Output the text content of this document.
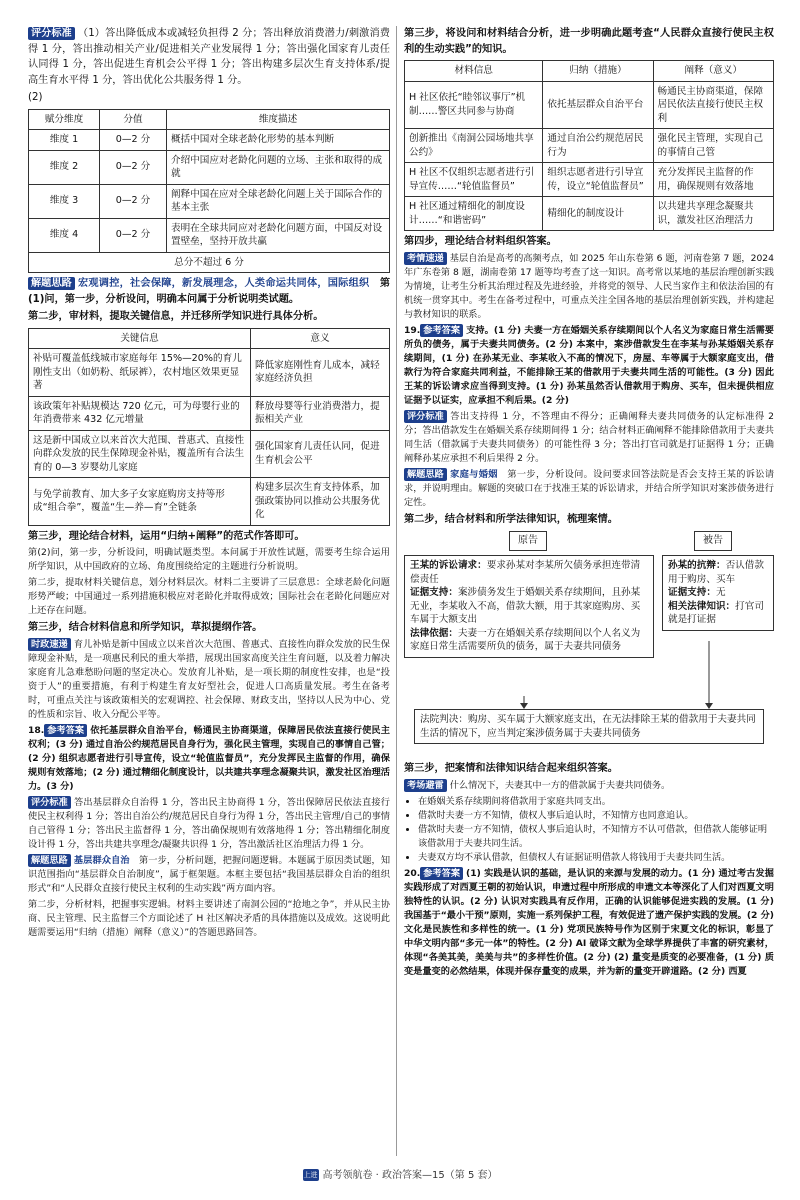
评分标准 （1）答出降低成本或减轻负担得 2 分；答出释放消费潜力/刺激消费得 1 分，答出推动相关产业/促进相关产业发展得 1 分；答出强化国家育儿责任认同得 1 分，答出促进生育机会公平得 1 分；答出构建多层次生育支持体系/提高生育水平得 1 分，答出优化公共服务得 1 分。

(2)

赋分维度	分值	维度描述
维度 1	0—2 分	概括中国对全球老龄化形势的基本判断
维度 2	0—2 分	介绍中国应对老龄化问题的立场、主张和取得的成就
维度 3	0—2 分	阐释中国在应对全球老龄化问题上关于国际合作的基本主张
维度 4	0—2 分	表明在全球共同应对老龄化问题方面，中国反对设置壁垒，坚持开放共赢
总分不超过 6 分		

解题思路 宏观调控，社会保障，新发展理念，人类命运共同体，国际组织　 第(1)问，第一步，分析设问，明确本问属于分析说明类试题。

第二步，审材料，提取关键信息，并迁移所学知识进行具体分析。

关键信息	意义
补贴可覆盖低线城市家庭每年 15%—20%的育儿刚性支出（如奶粉、纸尿裤），农村地区效果更显著	降低家庭刚性育儿成本，减轻家庭经济负担
该政策年补贴规模达 720 亿元，可为母婴行业的年消费带来 432 亿元增量	释放母婴等行业消费潜力，提振相关产业
这是新中国成立以来首次大范围、普惠式、直接性向群众发放的民生保障现金补贴，覆盖所有合法生育的 0—3 岁婴幼儿家庭	强化国家育儿责任认同，促进生育机会公平
与免学前教育、加大多子女家庭购房支持等形成“组合拳”，覆盖“生—养—育”全链条	构建多层次生育支持体系，加强政策协同以推动公共服务优化

第三步，理论结合材料，运用“归纳+阐释”的范式作答即可。

第(2)问，第一步，分析设问，明确试题类型。本问属于开放性试题，需要考生综合运用所学知识，从中国政府的立场、角度围绕给定的主题进行分析说明。

第二步，提取材料关键信息，划分材料层次。材料二主要讲了三层意思：全球老龄化问题形势严峻；中国通过一系列措施积极应对老龄化并取得成效；国际社会在老龄化问题应对上还存在问题。

第三步，结合材料信息和所学知识，草拟提纲作答。

时政速递 育儿补贴是新中国成立以来首次大范围、普惠式、直接性向群众发放的民生保障现金补贴，是一项惠民利民的重大举措，展现出国家高度关注生育问题，以及着力解决家庭育儿急难愁盼问题的坚定决心。发放育儿补贴，是一项长期的制度性安排，也是“投资于人”的重要措施，有利于构建生育友好型社会，促进人口高质量发展。考生在备考时，可重点关注与该政策相关的宏观调控、社会保障、财政支出，坚持以人民为中心、党的性质和宗旨、收入分配公平等。

18. 参考答案 依托基层群众自治平台，畅通民主协商渠道，保障居民依法直接行使民主权利；(3 分) 通过自治公约规范居民自身行为，强化民主管理，实现自己的事情自己管；(2 分) 组织志愿者进行引导宣传，设立“轮值监督员”，充分发挥民主监督的作用，确保规则有效落地；(2 分) 通过精细化制度设计，以共建共享理念凝聚共识，激发社区治理活力。(3 分)

评分标准 答出基层群众自治得 1 分，答出民主协商得 1 分，答出保障居民依法直接行使民主权利得 1 分；答出自治公约/规范居民自身行为得 1 分，答出民主管理/自己的事情自己管得 1 分；答出民主监督得 1 分，答出确保规则有效落地得 1 分；答出精细化制度设计得 1 分，答出共建共享理念/凝聚共识得 1 分，答出激活社区治理活力得 1 分。

解题思路 基层群众自治　 第一步，分析问题，把握问题逻辑。本题属于原因类试题，知识范围指向“基层群众自治制度”，属于框架题。本框主要包括“我国基层群众自治的组织形式”和“人民群众直接行使民主权利的生动实践”两方面内容。

第二步，分析材料，把握事实逻辑。材料主要讲述了南洞公园的“抢地之争”，并从民主协商、民主管理、民主监督三个方面论述了 H 社区解决矛盾的具体措施以及成效。这说明此题需要运用“归纳（措施）阐释（意义）”的答题思路回答。

第三步，将设问和材料结合分析，进一步明确此题考查“人民群众直接行使民主权利的生动实践”的知识。

材料信息	归纳（措施）	阐释（意义）
H 社区依托“睦邻议事厅”机制……警区共同参与协商	依托基层群众自治平台	畅通民主协商渠道，保障居民依法直接行使民主权利
创新推出《南洞公园场地共享公约》	通过自治公约规范居民行为	强化民主管理，实现自己的事情自己管
H 社区不仅组织志愿者进行引导宣传……“轮值监督员”	组织志愿者进行引导宣传，设立“轮值监督员”	充分发挥民主监督的作用，确保规则有效落地
H 社区通过精细化的制度设计……“和谐密码”	精细化的制度设计	以共建共享理念凝聚共识，激发社区治理活力

第四步，理论结合材料组织答案。

考情速递 基层自治是高考的高频考点，如 2025 年山东卷第 6 题，河南卷第 7 题，2024 年广东卷第 8 题，湖南卷第 17 题等均考查了这一知识。高考常以某地的基层治理创新实践为情境，让考生分析其治理过程及先进经验，并将党的领导、人民当家作主和依法治国的有机统一贯穿其中。考生在备考过程中，可重点关注全国各地的基层治理创新实践，并构建起与教材知识的联系。

19. 参考答案 支持。(1 分) 夫妻一方在婚姻关系存续期间以个人名义为家庭日常生活需要所负的债务，属于夫妻共同债务。(2 分) 本案中，案涉借款发生在李某与孙某婚姻关系存续期间，(1 分) 在孙某无业、李某收入不高的情况下，房屋、车等属于大额家庭支出，借款行为符合家庭共同利益，不能排除王某的借款用于夫妻共同生活的可能性。(3 分) 因此王某的诉讼请求应当得到支持。(1 分) 孙某虽然否认借款用于购房、买车，但未提供相应证据予以证实，应承担不利后果。(2 分)

评分标准 答出支持得 1 分，不答理由不得分；正确阐释夫妻共同债务的认定标准得 2 分；答出借款发生在婚姻关系存续期间得 1 分；结合材料正确阐释不能排除借款用于夫妻共同生活（借款属于夫妻共同债务）的可能性得 3 分；答出打官司就是打证据得 1 分；正确阐释孙某应承担不利后果得 2 分。

解题思路 家庭与婚姻　 第一步，分析设问。设问要求回答法院是否会支持王某的诉讼请求，并说明理由。解题的突破口在于找准王某的诉讼请求，并结合所学知识对案涉债务进行定性。

第二步，结合材料和所学法律知识，梳理案情。

原告	被告
王某的诉讼请求：要求孙某对李某所欠债务承担连带清偿责任
证据支持：案涉债务发生于婚姻关系存续期间，且孙某无业，李某收入不高，借款大额，用于其家庭购房、买车属于大额支出
法律依据：夫妻一方在婚姻关系存续期间以个人名义为家庭日常生活需要所负的债务，属于夫妻共同债务
孙某的抗辩：否认借款用于购房、买车
证据支持：无
相关法律知识：打官司就是打证据
法院判决：购房、买车属于大额家庭支出，在无法排除王某的借款用于夫妻共同生活的情况下，应当判定案涉债务属于夫妻共同债务

第三步，把案情和法律知识结合起来组织答案。

考场避雷 什么情况下，夫妻其中一方的借款属于夫妻共同债务。

• 在婚姻关系存续期间将借款用于家庭共同支出。
• 借款时夫妻一方不知情，债权人事后追认时，不知情方也同意追认。
• 借款时夫妻一方不知情，债权人事后追认时，不知情方不认可借款，但借款人能够证明该借款用于夫妻共同生活。
• 夫妻双方均不承认借款，但债权人有证据证明借款人将钱用于夫妻共同生活。

20. 参考答案 (1) 实践是认识的基础，是认识的来源与发展的动力。(1 分) 通过考古发掘实践形成了对西夏王朝的初始认识，申遗过程中所形成的申遗文本等深化了人们对西夏文明独特性的认识。(2 分) 认识对实践具有反作用，正确的认识能够促进实践的发展。(1 分) 我国基于“最小干预”原则，实施一系列保护工程，有效促进了遗产保护实践的发展。(2 分) 文化是民族性和多样性的统一。(1 分) 党项民族特号作为区别于宋夏文化的标识，彰显了中华文明内部“多元一体”的特性。(2 分) AI 破译文献为全球学界提供了丰富的研究素材，体现“各美其美，美美与共”的多样性价值。(2 分) (2) 量变是质变的必要准备，(1 分) 质变是量变的必然结果，体现并保存量变的成果，并为新的量变开辟道路。(2 分) 西夏

上进 高考领航卷 · 政治答案—15（第 5 套）
